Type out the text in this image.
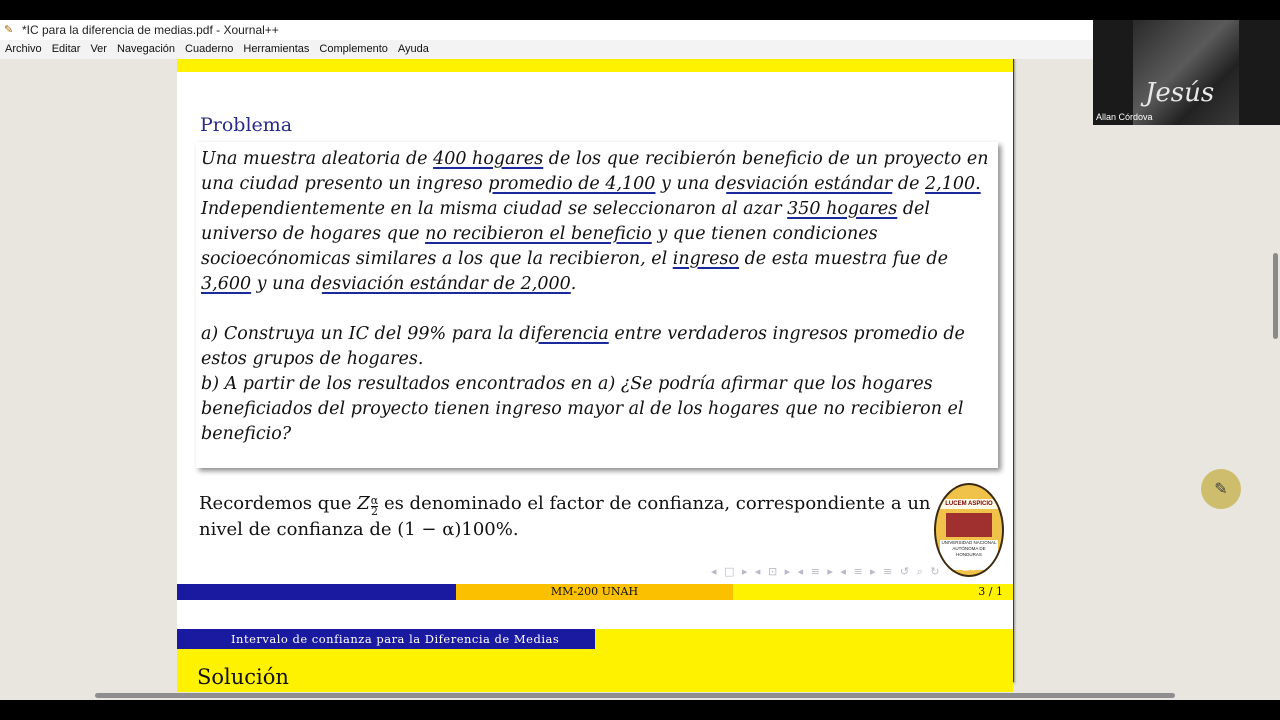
✎ *IC para la diferencia de medias.pdf - Xournal++
Archivo Editar Ver Navegación Cuaderno Herramientas Complemento Ayuda
Problema

Una muestra aleatoria de 400 hogares de los que recibierón beneficio de un proyecto en una ciudad presento un ingreso promedio de 4,100 y una desviación estándar de 2,100. Independientemente en la misma ciudad se seleccionaron al azar 350 hogares del universo de hogares que no recibieron el beneficio y que tienen condiciones socioecónomicas similares a los que la recibieron, el ingreso de esta muestra fue de 3,600 y una desviación estándar de 2,000.

a) Construya un IC del 99% para la diferencia entre verdaderos ingresos promedio de estos grupos de hogares.

b) A partir de los resultados encontrados en a) ¿Se podría afirmar que los hogares beneficiados del proyecto tienen ingreso mayor al de los hogares que no recibieron el beneficio?

Recordemos que Z $\frac{\alpha}{2}$ es denominado el factor de confianza, correspondiente a un nivel de confianza de (1 − α)100%.
LUCEM ASPICIO
UNIVERSIDAD NACIONAL AUTÓNOMA DE HONDURAS
1847
◂ □ ▸ ◂ ⊡ ▸ ◂ ≡ ▸ ◂ ≡ ▸ ≡ ↺ ⌕ ↻
MM-200 UNAH	3 / 1
Intervalo de confianza para la Diferencia de Medias
Solución
Jesús
Allan Córdova
✎
